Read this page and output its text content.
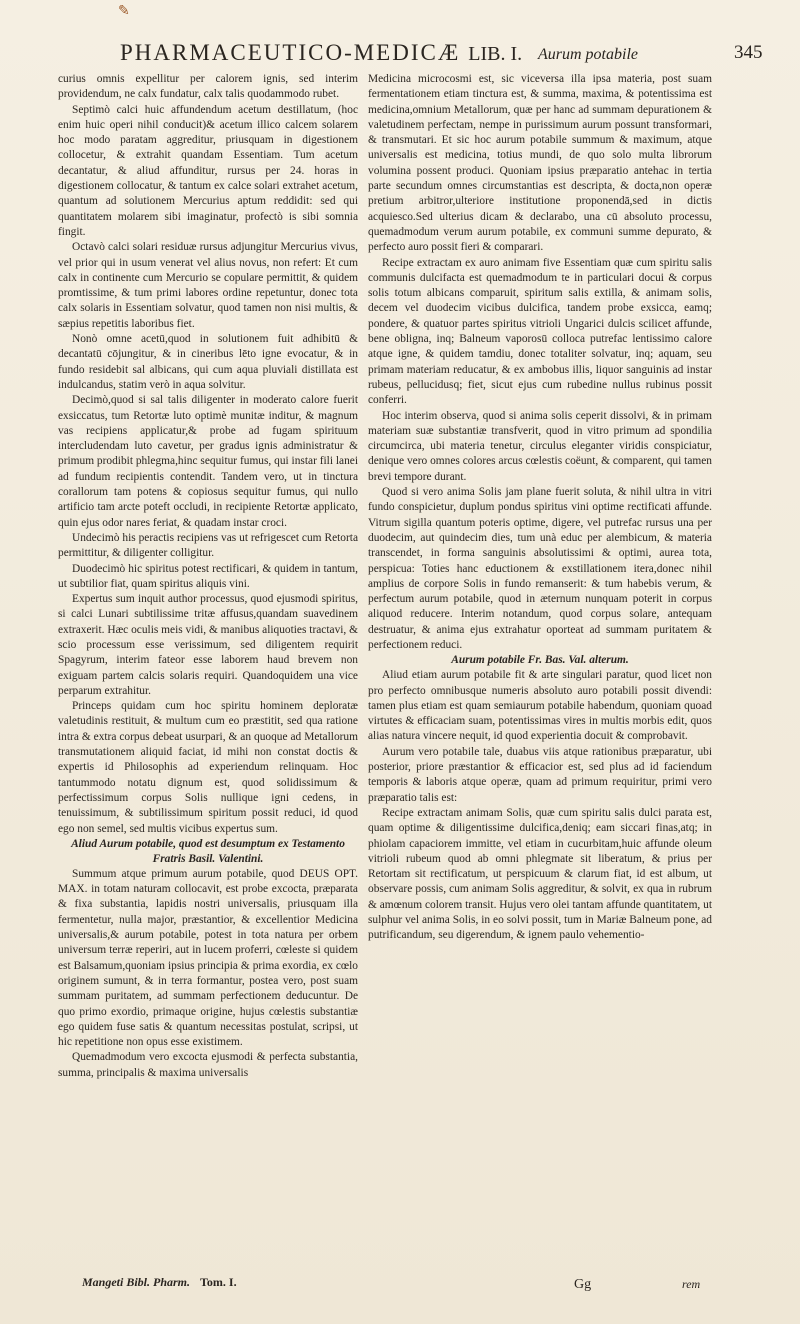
✎
PHARMACEUTICO-MEDICÆ LIB. I. Aurum potabile	345

curius omnis expellitur per calorem ignis, sed interim providendum, ne calx fundatur, calx talis quodammodo rubet.

Septimò calci huic affundendum acetum destillatum, (hoc enim huic operi nihil conducit)& acetum illico calcem solarem hoc modo paratam aggreditur, priusquam in digestionem collocetur, & extrahit quandam Essentiam. Tum acetum decantatur, & aliud affunditur, rursus per 24. horas in digestionem collocatur, & tantum ex calce solari extrahet acetum, quantum ad solutionem Mercurius aptum reddidit: sed qui quantitatem molarem sibi imaginatur, profectò is sibi somnia fingit.

Octavò calci solari residuæ rursus adjungitur Mercurius vivus, vel prior qui in usum venerat vel alius novus, non refert: Et cum calx in continente cum Mercurio se copulare permittit, & quidem promtissime, & tum primi labores ordine repetuntur, donec tota calx solaris in Essentiam solvatur, quod tamen non nisi multis, & sæpius repetitis laboribus fiet.

Nonò omne acetū,quod in solutionem fuit adhibitū & decantatū cōjungitur, & in cineribus lēto igne evocatur, & in fundo residebit sal albicans, qui cum aqua pluviali distillata est indulcandus, statim verò in aqua solvitur.

Decimò,quod si sal talis diligenter in moderato calore fuerit exsiccatus, tum Retortæ luto optimè munitæ inditur, & magnum vas recipiens applicatur,& probe ad fugam spirituum intercludendam luto cavetur, per gradus ignis administratur & primum prodibit phlegma,hinc sequitur fumus, qui instar fili lanei ad fundum recipientis contendit. Tandem vero, ut in tinctura corallorum tam potens & copiosus sequitur fumus, qui nullo artificio tam arcte poteft occludi, in recipiente Retortæ applicato, quin ejus odor nares feriat, & quadam instar croci.

Undecimò his peractis recipiens vas ut refrigescet cum Retorta permittitur, & diligenter colligitur.

Duodecimò hic spiritus potest rectificari, & quidem in tantum, ut subtilior fiat, quam spiritus aliquis vini.

Expertus sum inquit author processus, quod ejusmodi spiritus, si calci Lunari subtilissime tritæ affusus,quandam suavedinem extraxerit. Hæc oculis meis vidi, & manibus aliquoties tractavi, & scio processum esse verissimum, sed diligentem requirit Spagyrum, interim fateor esse laborem haud brevem non exiguam partem calcis solaris requiri. Quandoquidem una vice perparum extrahitur.

Princeps quidam cum hoc spiritu hominem deploratæ valetudinis restituit, & multum cum eo præstitit, sed qua ratione intra & extra corpus debeat usurpari, & an quoque ad Metallorum transmutationem aliquid faciat, id mihi non constat doctis & expertis id Philosophis ad experiendum relinquam. Hoc tantummodo notatu dignum est, quod solidissimum & perfectissimum corpus Solis nullique igni cedens, in tenuissimum, & subtilissimum spiritum possit reduci, id quod ego non semel, sed multis vicibus expertus sum.

Aliud Aurum potabile, quod est desumptum ex Testamento Fratris Basil. Valentini.

Summum atque primum aurum potabile, quod DEUS OPT. MAX. in totam naturam collocavit, est probe excocta, præparata & fixa substantia, lapidis nostri universalis, priusquam illa fermentetur, nulla major, præstantior, & excellentior Medicina universalis,& aurum potabile, potest in tota natura per orbem universum terræ reperiri, aut in lucem proferri, cœleste si quidem est Balsamum,quoniam ipsius principia & prima exordia, ex cœlo originem sumunt, & in terra formantur, postea vero, post suam summam puritatem, ad summam perfectionem deducuntur. De quo primo exordio, primaque origine, hujus cœlestis substantiæ ego quidem fuse satis & quantum necessitas postulat, scripsi, ut hic repetitione non opus esse existimem.

Quemadmodum vero excocta ejusmodi & perfecta substantia, summa, principalis & maxima universalis

Medicina microcosmi est, sic viceversa illa ipsa materia, post suam fermentationem etiam tinctura est, & summa, maxima, & potentissima est medicina,omnium Metallorum, quæ per hanc ad summam depurationem & valetudinem perfectam, nempe in purissimum aurum possunt transformari, & transmutari. Et sic hoc aurum potabile summum & maximum, atque universalis est medicina, totius mundi, de quo solo multa librorum volumina possent produci. Quoniam ipsius præparatio antehac in tertia parte secundum omnes circumstantias est descripta, & docta,non operæ pretium arbitror,ulteriore institutione proponendā,sed in dictis acquiesco.Sed ulterius dicam & declarabo, una cū absoluto processu, quemadmodum verum aurum potabile, ex communi summe depurato, & perfecto auro possit fieri & comparari.

Recipe extractam ex auro animam five Essentiam quæ cum spiritu salis communis dulcifacta est quemadmodum te in particulari docui & corpus solis totum albicans comparuit, spiritum salis extilla, & animam solis, decem vel duodecim vicibus dulcifica, tandem probe exsicca, eamq; pondere, & quatuor partes spiritus vitrioli Ungarici dulcis scilicet affunde, bene obligna, inq; Balneum vaporosū colloca putrefac lentissimo calore atque igne, & quidem tamdiu, donec totaliter solvatur, inq; aquam, seu primam materiam reducatur, & ex ambobus illis, liquor sanguinis ad instar rubeus, pellucidusq; fiet, sicut ejus cum rubedine nullus rubinus possit conferri.

Hoc interim observa, quod si anima solis ceperit dissolvi, & in primam materiam suæ substantiæ transfverit, quod in vitro primum ad spondilia circumcirca, ubi materia tenetur, circulus eleganter viridis conspiciatur, denique vero omnes colores arcus cœlestis coëunt, & comparent, qui tamen brevi tempore durant.

Quod si vero anima Solis jam plane fuerit soluta, & nihil ultra in vitri fundo conspicietur, duplum pondus spiritus vini optime rectificati affunde. Vitrum sigilla quantum poteris optime, digere, vel putrefac rursus una per duodecim, aut quindecim dies, tum unà educ per alembicum, & materia transcendet, in forma sanguinis absolutissimi & optimi, aurea tota, perspicua: Toties hanc eductionem & exstillationem itera,donec nihil amplius de corpore Solis in fundo remanserit: & tum habebis verum, & perfectum aurum potabile, quod in æternum nunquam poterit in corpus aliquod reducere. Interim notandum, quod corpus solare, antequam destruatur, & anima ejus extrahatur oporteat ad summam puritatem & perfectionem reduci.

Aurum potabile Fr. Bas. Val. alterum.

Aliud etiam aurum potabile fit & arte singulari paratur, quod licet non pro perfecto omnibusque numeris absoluto auro potabili possit divendi: tamen plus etiam est quam semiaurum potabile habendum, quoniam quoad virtutes & efficaciam suam, potentissimas vires in multis morbis edit, quos alias natura vincere nequit, id quod experientia docuit & comprobavit.

Aurum vero potabile tale, duabus viis atque rationibus præparatur, ubi posterior, priore præstantior & efficacior est, sed plus ad id faciendum temporis & laboris atque operæ, quam ad primum requiritur, primi vero præparatio talis est:

Recipe extractam animam Solis, quæ cum spiritu salis dulci parata est, quam optime & diligentissime dulcifica,deniq; eam siccari finas,atq; in phiolam capaciorem immitte, vel etiam in cucurbitam,huic affunde oleum vitrioli rubeum quod ab omni phlegmate sit liberatum, & prius per Retortam sit rectificatum, ut perspicuum & clarum fiat, id est album, ut observare possis, cum animam Solis aggreditur, & solvit, ex qua in rubrum & amœnum colorem transit. Hujus vero olei tantam affunde quantitatem, ut sulphur vel anima Solis, in eo solvi possit, tum in Mariæ Balneum pone, ad putrificandum, seu digerendum, & ignem paulo vehementio-

Mangeti Bibl. Pharm. Tom. I.	Gg	rem
